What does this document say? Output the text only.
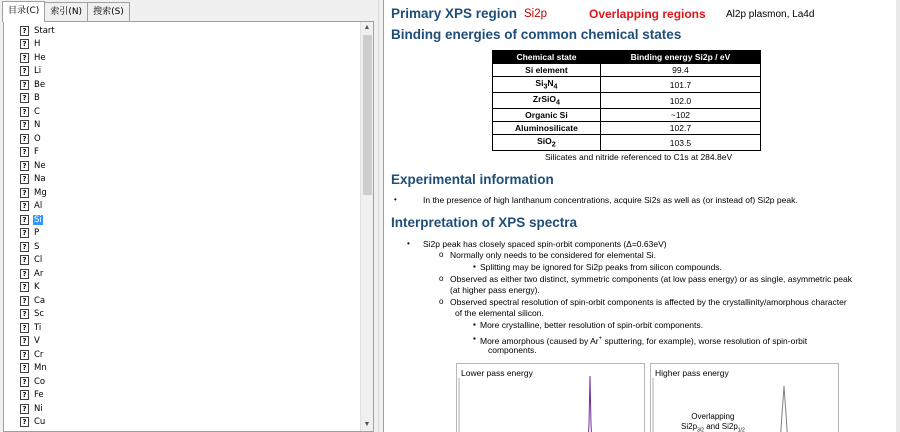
目录(C)	索引(N)	搜索(S)
? Start
? H
? He
? Li
? Be
? B
? C
? N
? O
? F
? Ne
? Na
? Mg
? Al
? Si
? P
? S
? Cl
? Ar
? K
? Ca
? Sc
? Ti
? V
? Cr
? Mn
? Co
? Fe
? Ni
? Cu
▲
▼
Primary XPS region Si2p	Overlapping regions Al2p plasmon, La4d
Binding energies of common chemical states
Chemical state	Binding energy Si2p / eV
Si element	99.4
$Si_3N_4$	101.7
ZrSiO$_4$	102.0
Organic Si	~102
Aluminosilicate	102.7
SiO$_2$	103.5
Silicates and nitride referenced to C1s at 284.8eV
Experimental information
•	In the presence of high lanthanum concentrations, acquire Si2s as well as (or instead of) Si2p peak.
Interpretation of XPS spectra
• Si2p peak has closely spaced spin-orbit components (Δ=0.63eV)
o Normally only needs to be considered for elemental Si.
▪ Splitting may be ignored for Si2p peaks from silicon compounds.
o Observed as either two distinct, symmetric components (at low pass energy) or as single, asymmetric peak
(at higher pass energy).
o Observed spectral resolution of spin-orbit components is affected by the crystallinity/amorphous character
of the elemental silicon.
▪ More crystalline, better resolution of spin-orbit components.
▪ More amorphous (caused by Ar+ sputtering, for example), worse resolution of spin-orbit
components.
Lower pass energy	Higher pass energy
Overlapping
$Si2p_{3/2}$ and $Si2p_{1/2}$
